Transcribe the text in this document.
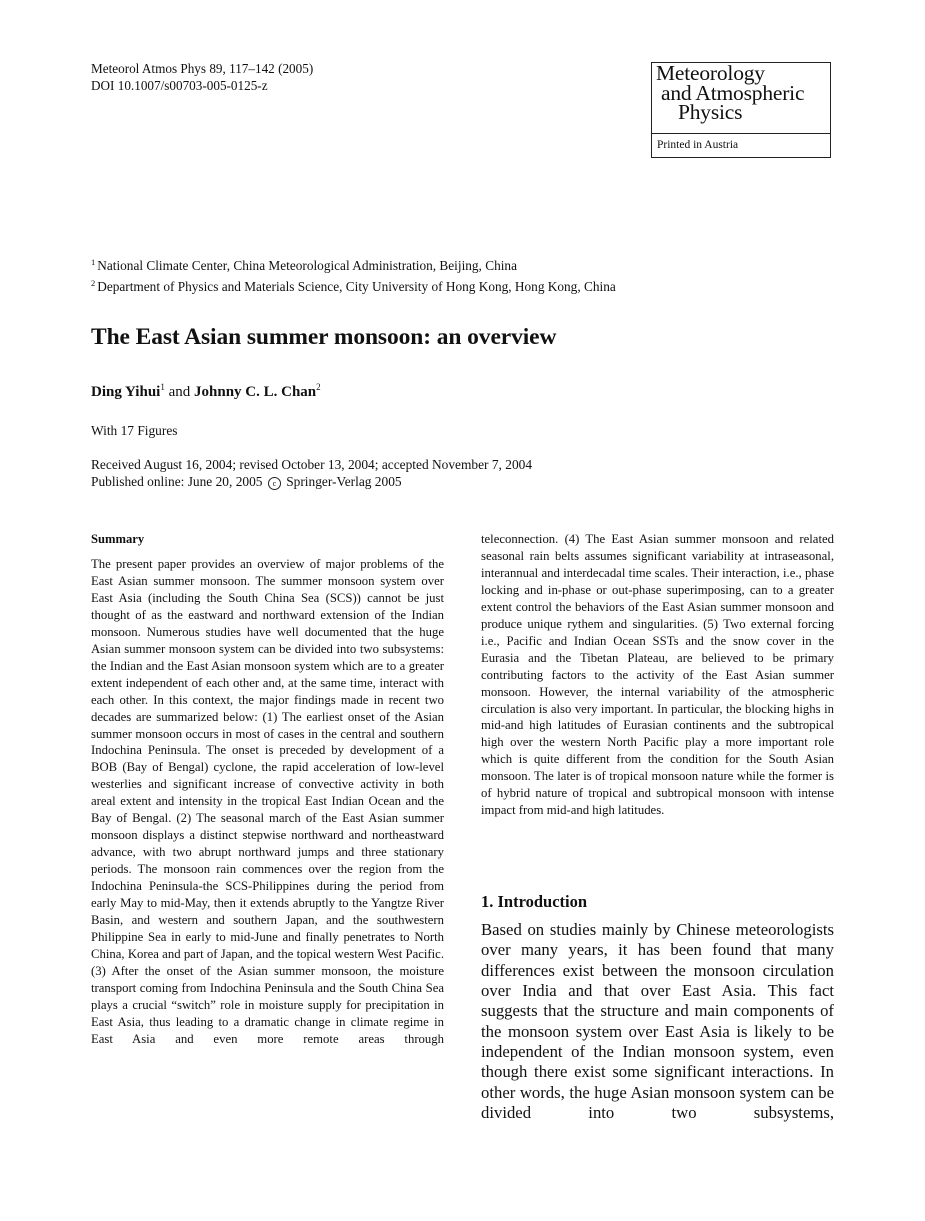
Meteorol Atmos Phys 89, 117–142 (2005)
DOI 10.1007/s00703-005-0125-z	Meteorology
and Atmospheric
Physics
Printed in Austria
$^1$ National Climate Center, China Meteorological Administration, Beijing, China
$^2$ Department of Physics and Materials Science, City University of Hong Kong, Hong Kong, China
The East Asian summer monsoon: an overview
Ding Yihui$^1$ and Johnny C. L. Chan$^2$
With 17 Figures
Received August 16, 2004; revised October 13, 2004; accepted November 7, 2004
Published online: June 20, 2005 c Springer-Verlag 2005
Summary

The present paper provides an overview of major problems of the East Asian summer monsoon. The summer monsoon system over East Asia (including the South China Sea (SCS)) cannot be just thought of as the eastward and northward extension of the Indian monsoon. Numerous studies have well documented that the huge Asian summer monsoon system can be divided into two subsystems: the Indian and the East Asian monsoon system which are to a greater extent independent of each other and, at the same time, interact with each other. In this context, the major findings made in recent two decades are summarized below: (1) The earliest onset of the Asian summer monsoon occurs in most of cases in the central and southern Indochina Peninsula. The onset is preceded by development of a BOB (Bay of Bengal) cyclone, the rapid acceleration of low-level westerlies and significant increase of convective activity in both areal extent and intensity in the tropical East Indian Ocean and the Bay of Bengal. (2) The seasonal march of the East Asian summer monsoon displays a distinct stepwise northward and northeastward advance, with two abrupt northward jumps and three stationary periods. The monsoon rain commences over the region from the Indochina Peninsula-the SCS-Philippines during the period from early May to mid-May, then it extends abruptly to the Yangtze River Basin, and western and southern Japan, and the southwestern Philippine Sea in early to mid-June and finally penetrates to North China, Korea and part of Japan, and the topical western West Pacific. (3) After the onset of the Asian summer monsoon, the moisture transport coming from Indochina Peninsula and the South China Sea plays a crucial “switch” role in moisture supply for precipitation in East Asia, thus leading to a dramatic change in climate regime in East Asia and even more remote areas through

teleconnection. (4) The East Asian summer monsoon and related seasonal rain belts assumes significant variability at intraseasonal, interannual and interdecadal time scales. Their interaction, i.e., phase locking and in-phase or out-phase superimposing, can to a greater extent control the behaviors of the East Asian summer monsoon and produce unique rythem and singularities. (5) Two external forcing i.e., Pacific and Indian Ocean SSTs and the snow cover in the Eurasia and the Tibetan Plateau, are believed to be primary contributing factors to the activity of the East Asian summer monsoon. However, the internal variability of the atmospheric circulation is also very important. In particular, the blocking highs in mid-and high latitudes of Eurasian continents and the subtropical high over the western North Pacific play a more important role which is quite different from the condition for the South Asian monsoon. The later is of tropical monsoon nature while the former is of hybrid nature of tropical and subtropical monsoon with intense impact from mid-and high latitudes.

1. Introduction

Based on studies mainly by Chinese meteorologists over many years, it has been found that many differences exist between the monsoon circulation over India and that over East Asia. This fact suggests that the structure and main components of the monsoon system over East Asia is likely to be independent of the Indian monsoon system, even though there exist some significant interactions. In other words, the huge Asian monsoon system can be divided into two subsystems,
